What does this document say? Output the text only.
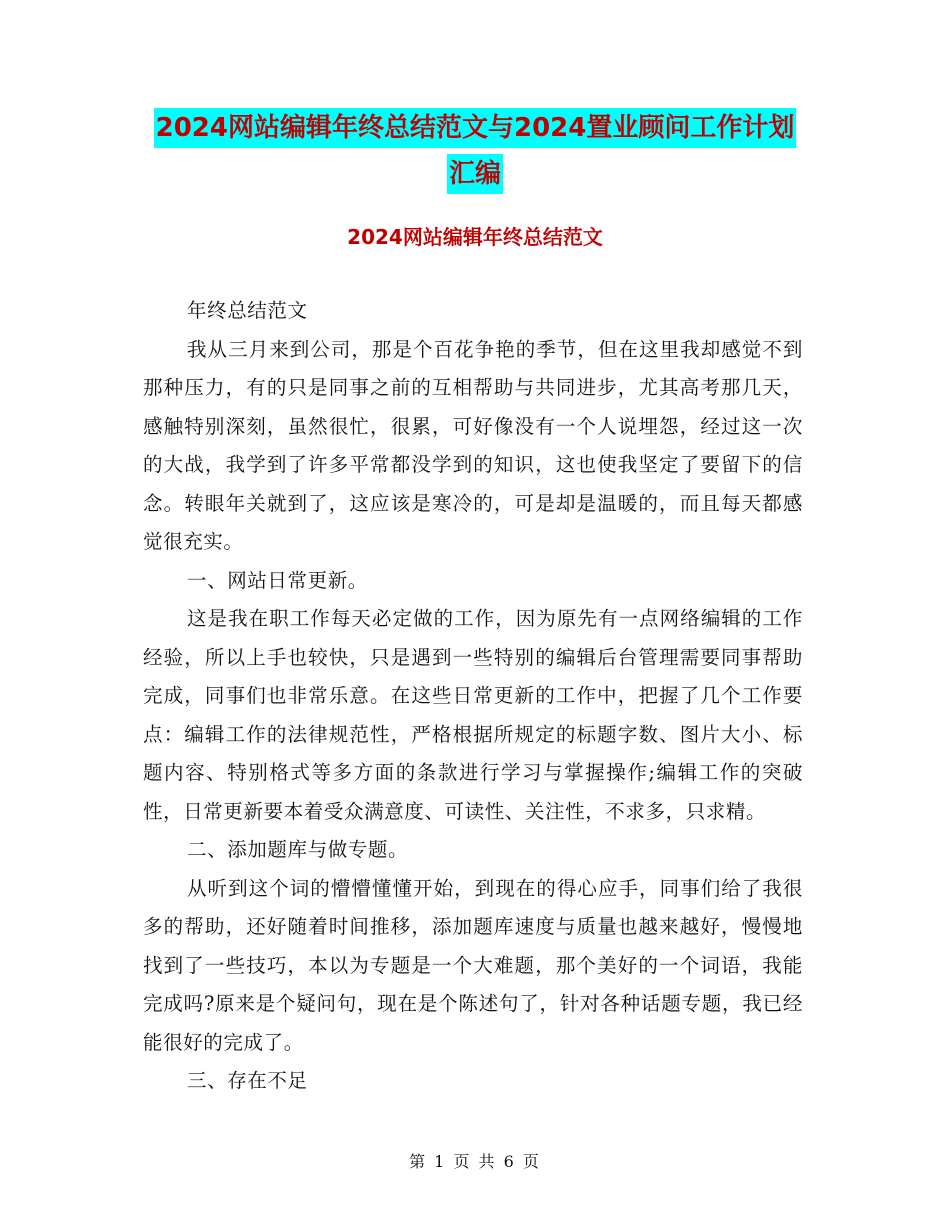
2024网站编辑年终总结范文与2024置业顾问工作计划
汇编
2024网站编辑年终总结范文

年终总结范文

我从三月来到公司，那是个百花争艳的季节，但在这里我却感觉不到那种压力，有的只是同事之前的互相帮助与共同进步，尤其高考那几天，感触特别深刻，虽然很忙，很累，可好像没有一个人说埋怨，经过这一次的大战，我学到了许多平常都没学到的知识，这也使我坚定了要留下的信念。转眼年关就到了，这应该是寒冷的，可是却是温暖的，而且每天都感觉很充实。

一、网站日常更新。

这是我在职工作每天必定做的工作，因为原先有一点网络编辑的工作经验，所以上手也较快，只是遇到一些特别的编辑后台管理需要同事帮助完成，同事们也非常乐意。在这些日常更新的工作中，把握了几个工作要点：编辑工作的法律规范性，严格根据所规定的标题字数、图片大小、标题内容、特别格式等多方面的条款进行学习与掌握操作;编辑工作的突破性，日常更新要本着受众满意度、可读性、关注性，不求多，只求精。

二、添加题库与做专题。

从听到这个词的懵懵懂懂开始，到现在的得心应手，同事们给了我很多的帮助，还好随着时间推移，添加题库速度与质量也越来越好，慢慢地找到了一些技巧，本以为专题是一个大难题，那个美好的一个词语，我能完成吗?原来是个疑问句，现在是个陈述句了，针对各种话题专题，我已经能很好的完成了。

三、存在不足

第 1 页 共 6 页
